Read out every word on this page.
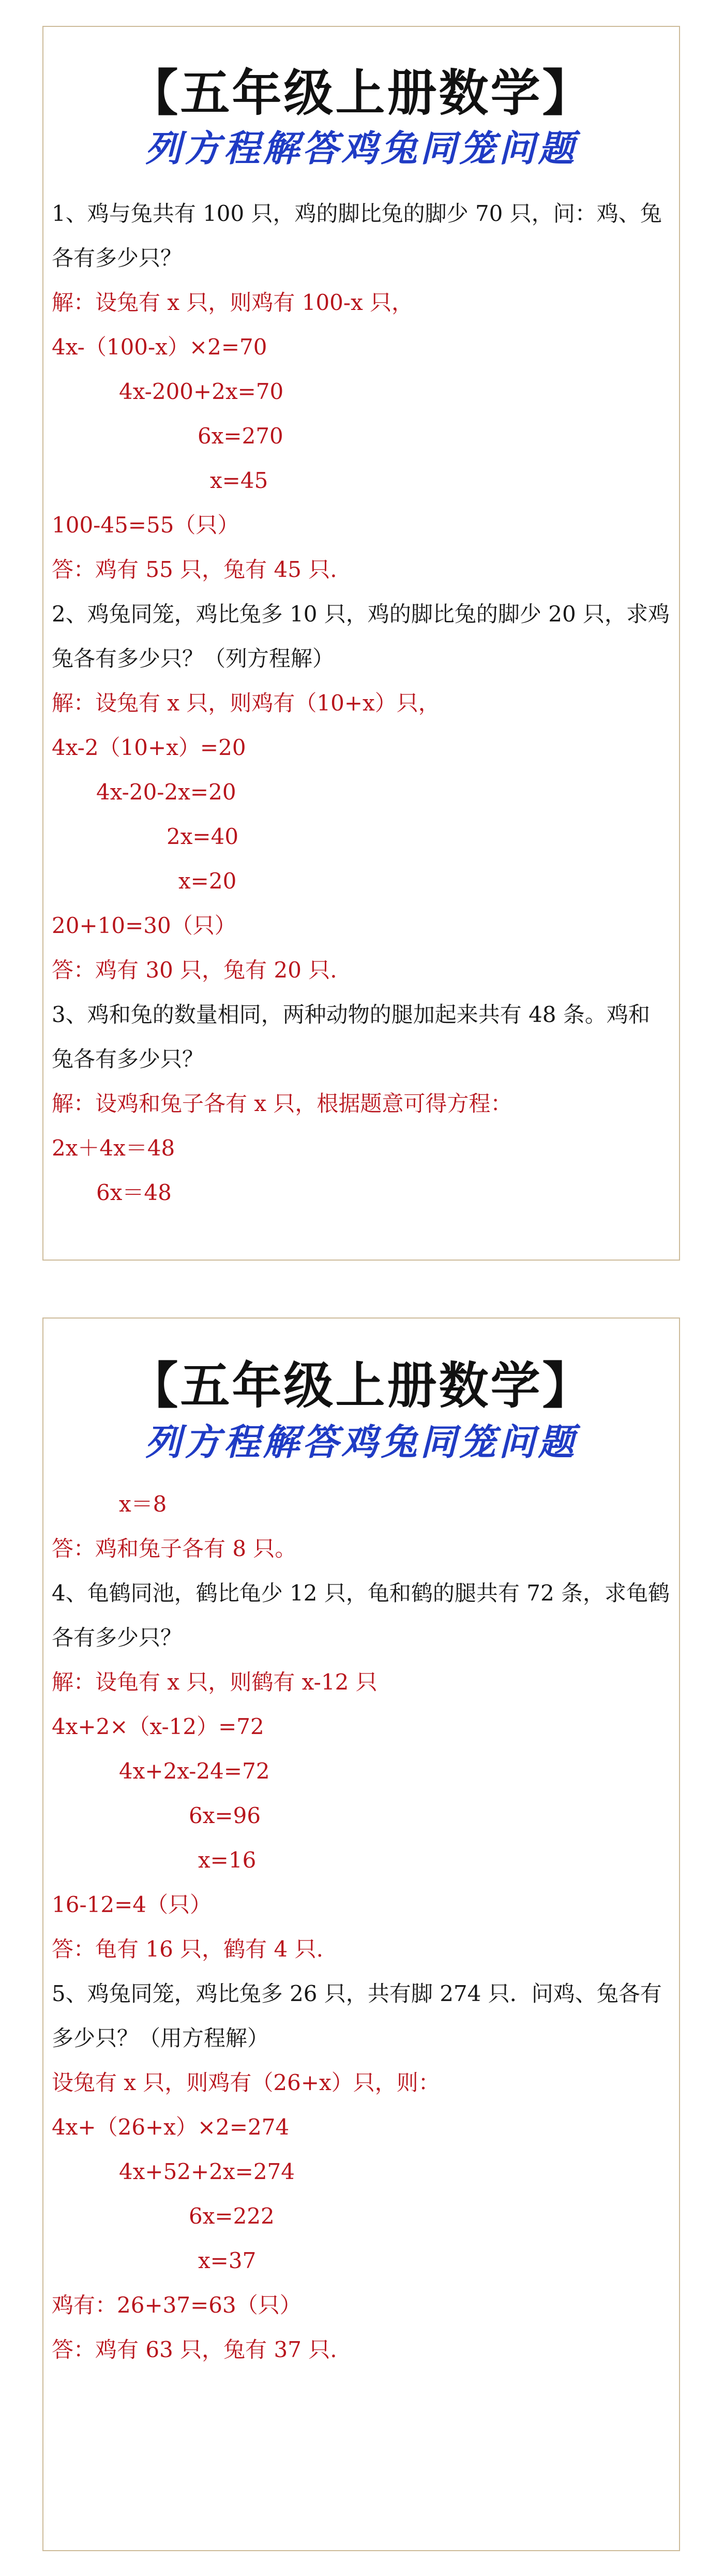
【五年级上册数学】
列方程解答鸡兔同笼问题
1、鸡与兔共有 100 只，鸡的脚比兔的脚少 70 只，问：鸡、兔
各有多少只？
解：设兔有 x 只，则鸡有 100-x 只，
4x-（100-x）×2=70
4x-200+2x=70
6x=270
x=45
100-45=55（只）
答：鸡有 55 只，兔有 45 只.
2、鸡兔同笼，鸡比兔多 10 只，鸡的脚比兔的脚少 20 只，求鸡
兔各有多少只？（列方程解）
解：设兔有 x 只，则鸡有（10+x）只，
4x-2（10+x）=20
4x-20-2x=20
2x=40
x=20
20+10=30（只）
答：鸡有 30 只，兔有 20 只.
3、鸡和兔的数量相同，两种动物的腿加起来共有 48 条。鸡和
兔各有多少只？
解：设鸡和兔子各有 x 只，根据题意可得方程：
2x＋4x＝48
6x＝48
【五年级上册数学】
列方程解答鸡兔同笼问题
x＝8
答：鸡和兔子各有 8 只。
4、龟鹤同池，鹤比龟少 12 只，龟和鹤的腿共有 72 条，求龟鹤
各有多少只？
解：设龟有 x 只，则鹤有 x-12 只
4x+2×（x-12）=72
4x+2x-24=72
6x=96
x=16
16-12=4（只）
答：龟有 16 只，鹤有 4 只.
5、鸡兔同笼，鸡比兔多 26 只，共有脚 274 只．问鸡、兔各有
多少只？（用方程解）
设兔有 x 只，则鸡有（26+x）只，则：
4x+（26+x）×2=274
4x+52+2x=274
6x=222
x=37
鸡有：26+37=63（只）
答：鸡有 63 只，兔有 37 只.
